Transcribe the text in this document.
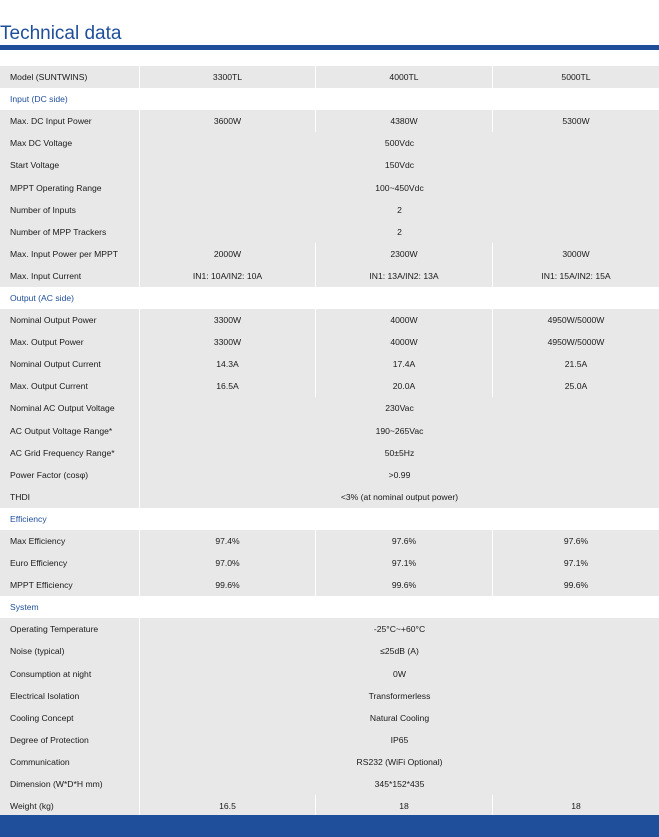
Technical data
Model (SUNTWINS)	3300TL	4000TL	5000TL
Input (DC side)
Max. DC Input Power	3600W	4380W	5300W
Max DC Voltage	500Vdc
Start Voltage	150Vdc
MPPT Operating Range	100~450Vdc
Number of Inputs	2
Number of MPP Trackers	2
Max. Input Power per MPPT	2000W	2300W	3000W
Max. Input Current	IN1: 10A/IN2: 10A	IN1: 13A/IN2: 13A	IN1: 15A/IN2: 15A
Output (AC side)
Nominal Output Power	3300W	4000W	4950W/5000W
Max. Output Power	3300W	4000W	4950W/5000W
Nominal Output Current	14.3A	17.4A	21.5A
Max. Output Current	16.5A	20.0A	25.0A
Nominal AC Output Voltage	230Vac
AC Output Voltage Range*	190~265Vac
AC Grid Frequency Range*	50±5Hz
Power Factor (cosφ)	>0.99
THDI	<3% (at nominal output power)
Efficiency
Max Efficiency	97.4%	97.6%	97.6%
Euro Efficiency	97.0%	97.1%	97.1%
MPPT Efficiency	99.6%	99.6%	99.6%
System
Operating Temperature	-25°C~+60°C
Noise (typical)	≤25dB (A)
Consumption at night	0W
Electrical Isolation	Transformerless
Cooling Concept	Natural Cooling
Degree of Protection	IP65
Communication	RS232 (WiFi Optional)
Dimension (W*D*H mm)	345*152*435
Weight (kg)	16.5	18	18
